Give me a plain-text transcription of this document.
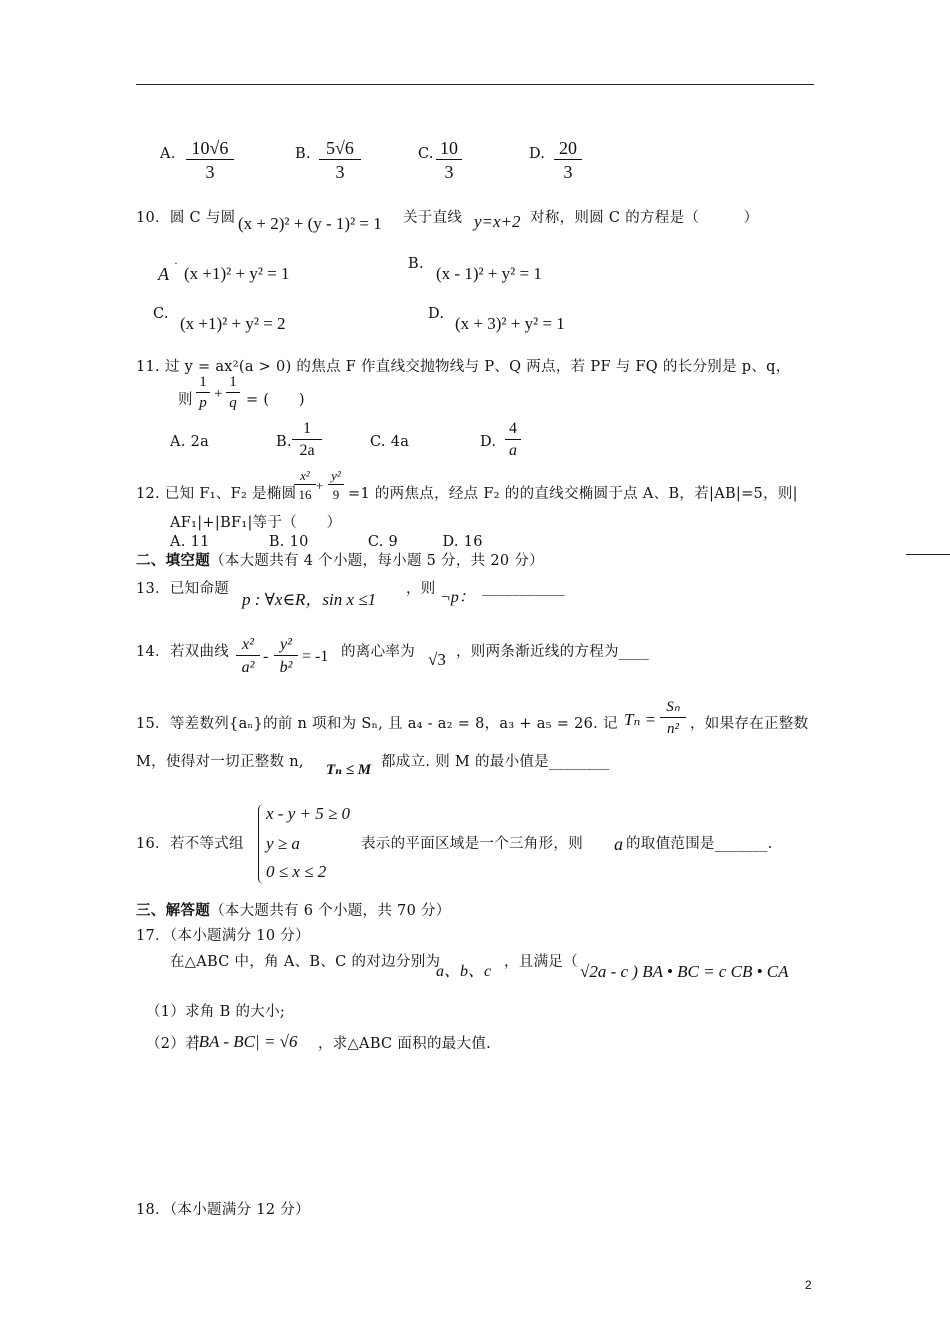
A. $\frac{10√6}{3}$	B. $\frac{5√6}{3}$	C. $\frac{10}{3}$	D. $\frac{20}{3}$
10．圆 C 与圆 (x + 2)² + (y - 1)² = 1 关于直线 y=x+2 对称，则圆 C 的方程是（　　　）
A
·
(x +1)² + y² = 1	B. (x - 1)² + y² = 1
C. (x +1)² + y² = 2	D. (x + 3)² + y² = 1
11. 过 y = ax²(a > 0) 的焦点 F 作直线交抛物线与 P、Q 两点，若 PF 与 FQ 的长分别是 p、q，
则 $\frac{1}{p} + \frac{1}{q}$ = (　　)
A. 2a	B. $\frac{1}{2a}$	C. 4a	D. $\frac{4}{a}$
12. 已知 F₁、F₂ 是椭圆
$\frac{\text{x²}}{16} + \frac{\text{y²}}{9} =1$ 的两焦点，经点 F₂ 的的直线交椭圆于点 A、B，若|AB|=5，则|
AF₁|+|BF₁|等于（　　）
A. 11　　　　B. 10　　　　C. 9　　　D. 16
二、填空题（本大题共有 4 个小题，每小题 5 分，共 20 分）
13．已知命题
p : ∀x∈R，sin x ≤1
，则 ¬p：
___________
14．若双曲线 $\frac{\text{x²}}{\text{a²}} - \frac{\text{y²}}{\text{b²}} = -1$ 的离心率为 √3 ，则两条渐近线的方程为____
15．等差数列{aₙ}的前 n 项和为 Sₙ, 且 a₄ - a₂ = 8，a₃ + a₅ = 26. 记 $T_n = \frac{\text{Sₙ}}{\text{n²}}$ ，如果存在正整数
M，使得对一切正整数 n, Tₙ ≤ M 都成立. 则 M 的最小值是________
16．若不等式组
x - y + 5 ≥ 0
y ≥ a
0 ≤ x ≤ 2
表示的平面区域是一个三角形，则 a 的取值范围是_______.
三、解答题（本大题共有 6 个小题，共 70 分）
17．（本小题满分 10 分）
在△ABC 中，角 A、B、C 的对边分别为
a、b、c
，且满足（ √2a - c ) BA • BC = c CB • CA
（1）求角 B 的大小;
（2）若
|BA - BC| = √6 ，求△ABC 面积的最大值.
18．（本小题满分 12 分）
2
